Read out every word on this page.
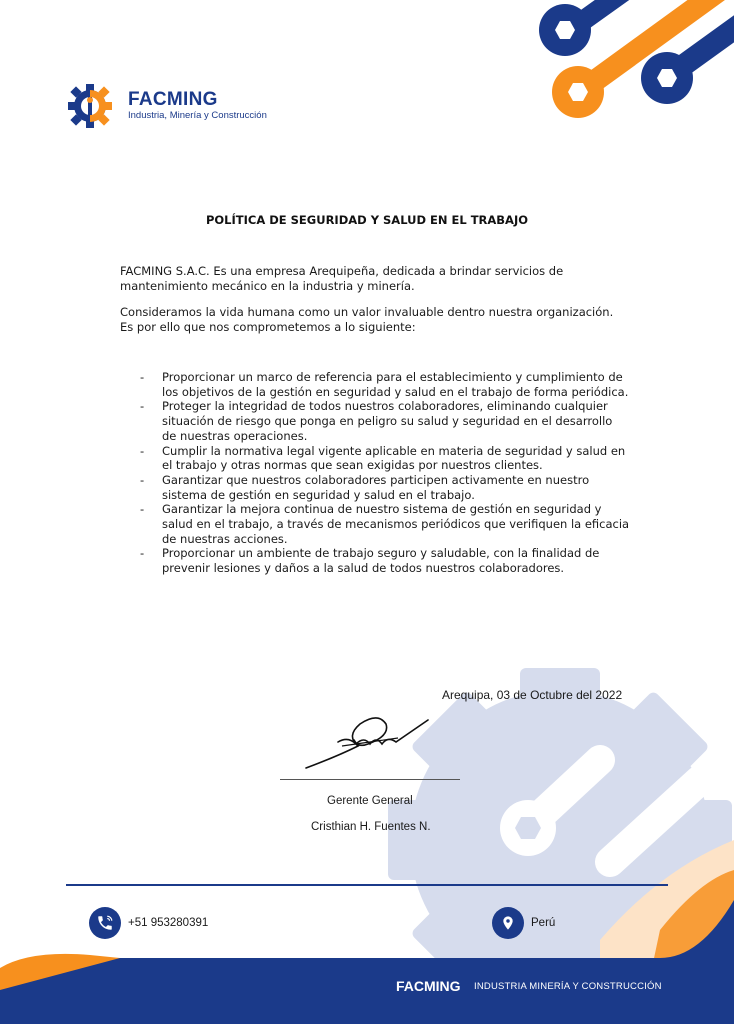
FACMING
Industria, Minería y Construcción
POLÍTICA DE SEGURIDAD Y SALUD EN EL TRABAJO

FACMING S.A.C. Es una empresa Arequipeña, dedicada a brindar servicios de mantenimiento mecánico en la industria y minería.

Consideramos la vida humana como un valor invaluable dentro nuestra organización. Es por ello que nos comprometemos a lo siguiente:

- Proporcionar un marco de referencia para el establecimiento y cumplimiento de los objetivos de la gestión en seguridad y salud en el trabajo de forma periódica.
- Proteger la integridad de todos nuestros colaboradores, eliminando cualquier situación de riesgo que ponga en peligro su salud y seguridad en el desarrollo de nuestras operaciones.
- Cumplir la normativa legal vigente aplicable en materia de seguridad y salud en el trabajo y otras normas que sean exigidas por nuestros clientes.
- Garantizar que nuestros colaboradores participen activamente en nuestro sistema de gestión en seguridad y salud en el trabajo.
- Garantizar la mejora continua de nuestro sistema de gestión en seguridad y salud en el trabajo, a través de mecanismos periódicos que verifiquen la eficacia de nuestras acciones.
- Proporcionar un ambiente de trabajo seguro y saludable, con la finalidad de prevenir lesiones y daños a la salud de todos nuestros colaboradores.
Arequipa, 03 de Octubre del 2022
Gerente General
Cristhian H. Fuentes N.
+51 953280391	Perú
FACMING INDUSTRIA MINERÍA Y CONSTRUCCIÓN
